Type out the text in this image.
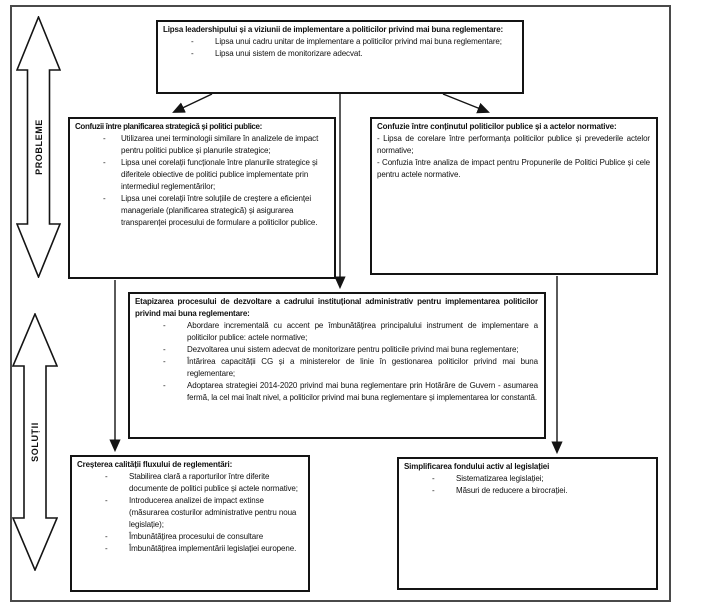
PROBLEME
SOLUȚII
Lipsa leadershipului și a viziunii de implementare a politicilor privind mai buna reglementare:
- Lipsa unui cadru unitar de implementare a politicilor privind mai buna reglementare;
- Lipsa unui sistem de monitorizare adecvat.
Confuzii între planificarea strategică și politici publice:
- Utilizarea unei terminologii similare în analizele de impact pentru politici publice și planurile strategice;
- Lipsa unei corelații funcționale între planurile strategice și diferitele obiective de politici publice implementate prin intermediul reglementărilor;
- Lipsa unei corelații între soluțiile de creștere a eficienței manageriale (planificarea strategică) și asigurarea transparenței procesului de formulare a politicilor publice.
Confuzie între conținutul politicilor publice și a actelor normative:
- Lipsa de corelare între performanța politicilor publice și prevederile actelor normative;
- Confuzia între analiza de impact pentru Propunerile de Politici Publice și cele pentru actele normative.
Etapizarea procesului de dezvoltare a cadrului instituțional administrativ pentru implementarea politicilor privind mai buna reglementare:
- Abordare incrementală cu accent pe îmbunătățirea principalului instrument de implementare a politicilor publice: actele normative;
- Dezvoltarea unui sistem adecvat de monitorizare pentru politicile privind mai buna reglementare;
- Întărirea capacității CG și a ministerelor de linie în gestionarea politicilor privind mai buna reglementare;
- Adoptarea strategiei 2014-2020 privind mai buna reglementare prin Hotărâre de Guvern - asumarea fermă, la cel mai înalt nivel, a politicilor privind mai buna reglementare și implementarea lor constantă.
Creșterea calității fluxului de reglementări:
- Stabilirea clară a raporturilor între diferite documente de politici publice și actele normative;
- Introducerea analizei de impact extinse (măsurarea costurilor administrative pentru noua legislație);
- Îmbunătățirea procesului de consultare
- Îmbunătățirea implementării legislației europene.
Simplificarea fondului activ al legislației
- Sistematizarea legislației;
- Măsuri de reducere a birocrației.
